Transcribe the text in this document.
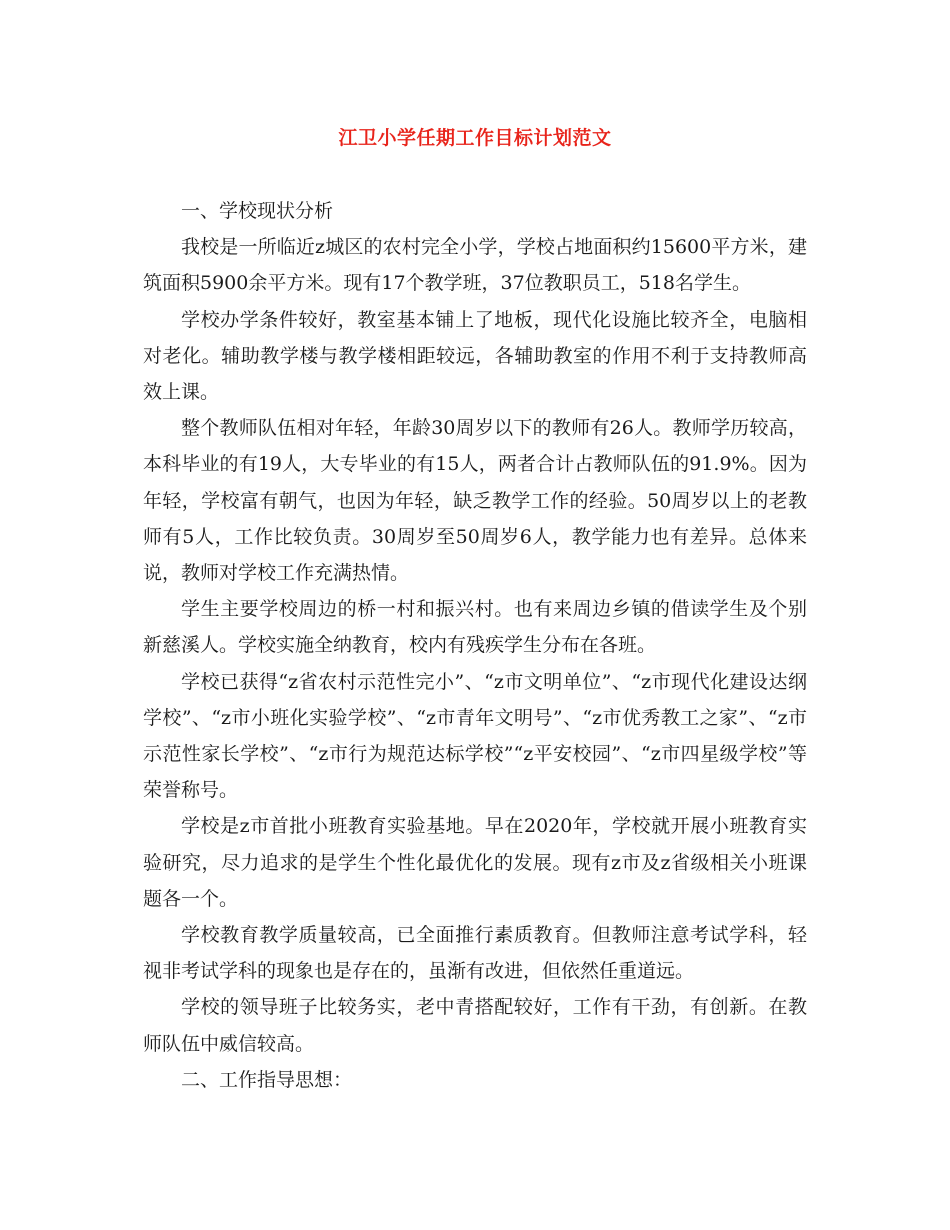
江卫小学任期工作目标计划范文

一、学校现状分析

我校是一所临近z城区的农村完全小学，学校占地面积约15600平方米，建筑面积5900余平方米。现有17个教学班，37位教职员工，518名学生。

学校办学条件较好，教室基本铺上了地板，现代化设施比较齐全，电脑相对老化。辅助教学楼与教学楼相距较远，各辅助教室的作用不利于支持教师高效上课。

整个教师队伍相对年轻，年龄30周岁以下的教师有26人。教师学历较高，本科毕业的有19人，大专毕业的有15人，两者合计占教师队伍的91.9%。因为年轻，学校富有朝气，也因为年轻，缺乏教学工作的经验。50周岁以上的老教师有5人，工作比较负责。30周岁至50周岁6人，教学能力也有差异。总体来说，教师对学校工作充满热情。

学生主要学校周边的桥一村和振兴村。也有来周边乡镇的借读学生及个别新慈溪人。学校实施全纳教育，校内有残疾学生分布在各班。

学校已获得“z省农村示范性完小”、“z市文明单位”、“z市现代化建设达纲学校”、“z市小班化实验学校”、“z市青年文明号”、“z市优秀教工之家”、“z市示范性家长学校”、“z市行为规范达标学校”“z平安校园”、“z市四星级学校”等荣誉称号。

学校是z市首批小班教育实验基地。早在2020年，学校就开展小班教育实验研究，尽力追求的是学生个性化最优化的发展。现有z市及z省级相关小班课题各一个。

学校教育教学质量较高，已全面推行素质教育。但教师注意考试学科，轻视非考试学科的现象也是存在的，虽渐有改进，但依然任重道远。

学校的领导班子比较务实，老中青搭配较好，工作有干劲，有创新。在教师队伍中威信较高。

二、工作指导思想：
